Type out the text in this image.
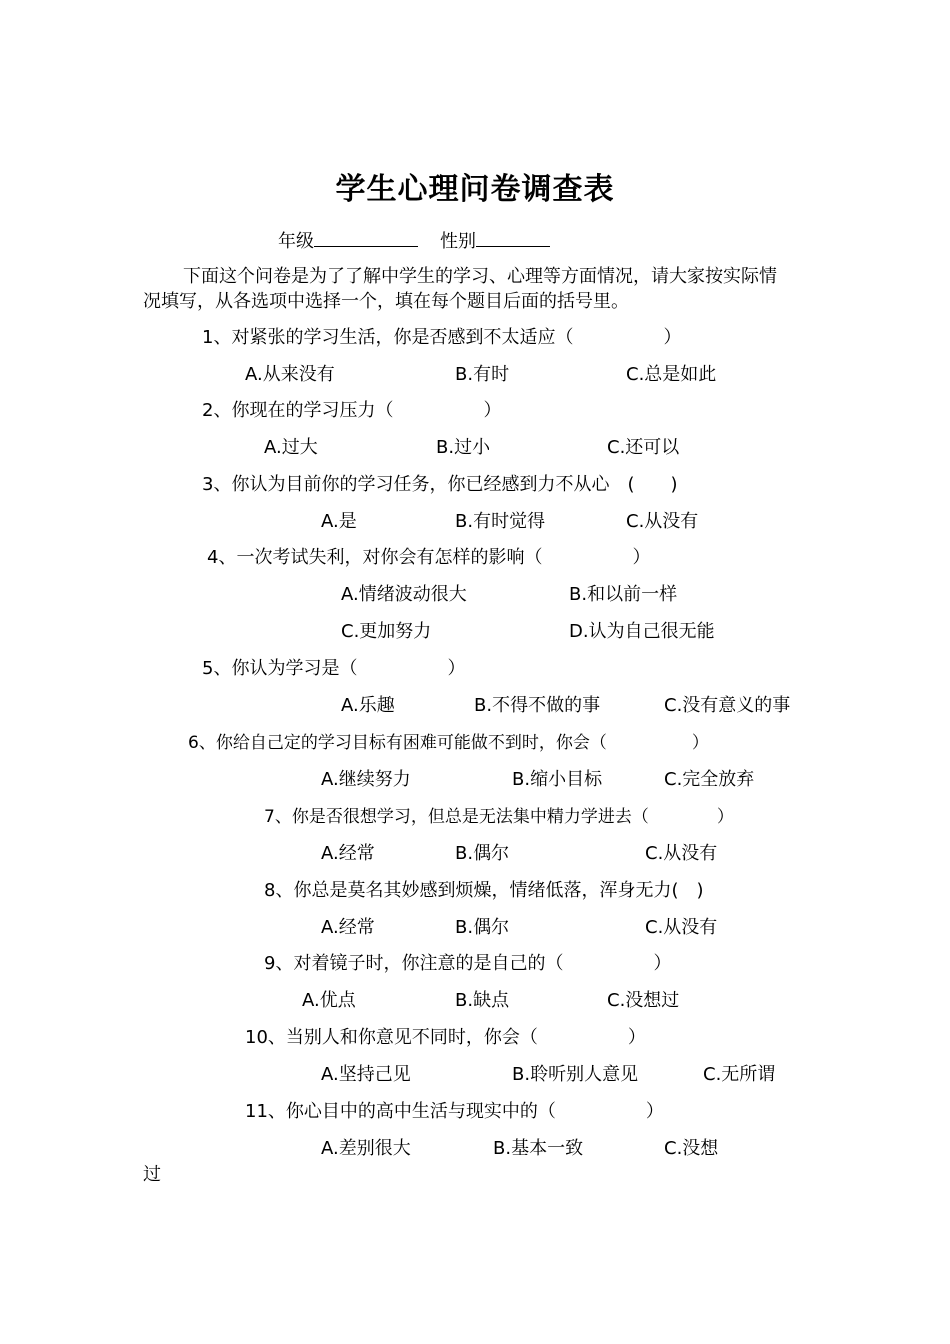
学生心理问卷调查表
年级	性别
下面这个问卷是为了了解中学生的学习、心理等方面情况，请大家按实际情
况填写，从各选项中选择一个，填在每个题目后面的括号里。
1、对紧张的学习生活，你是否感到不太适应（　　　　　）
A.从来没有	B.有时	C.总是如此
2、你现在的学习压力（　　　　　）
A.过大	B.过小	C.还可以
3、你认为目前你的学习任务，你已经感到力不从心　(　　)
A.是	B.有时觉得	C.从没有
4、一次考试失利，对你会有怎样的影响（　　　　　）
A.情绪波动很大	B.和以前一样
C.更加努力	D.认为自己很无能
5、你认为学习是（　　　　　）
A.乐趣	B.不得不做的事	C.没有意义的事
6、你给自己定的学习目标有困难可能做不到时，你会（　　　　　）
A.继续努力	B.缩小目标	C.完全放弃
7、你是否很想学习，但总是无法集中精力学进去（　　　　）
A.经常	B.偶尔	C.从没有
8、你总是莫名其妙感到烦燥，情绪低落，浑身无力(　)
A.经常	B.偶尔	C.从没有
9、对着镜子时，你注意的是自己的（　　　　　）
A.优点	B.缺点	C.没想过
10、当别人和你意见不同时，你会（　　　　　）
A.坚持己见	B.聆听别人意见	C.无所谓
11、你心目中的高中生活与现实中的（　　　　　）
A.差别很大	B.基本一致	C.没想
过
